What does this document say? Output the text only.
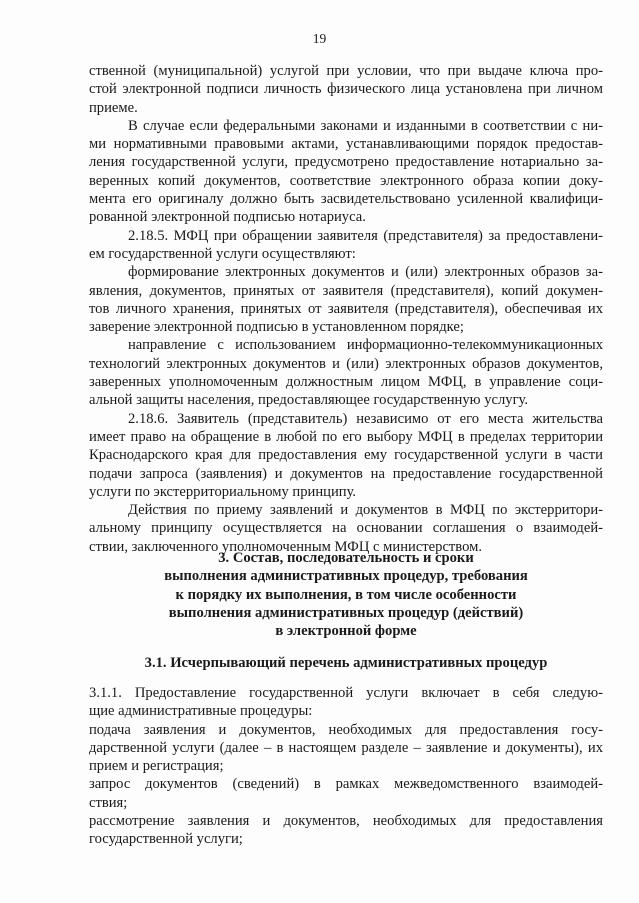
19

ственной (муниципальной) услугой при условии, что при выдаче ключа про-

стой электронной подписи личность физического лица установлена при личном

приеме.

В случае если федеральными законами и изданными в соответствии с ни-

ми нормативными правовыми актами, устанавливающими порядок предостав-

ления государственной услуги, предусмотрено предоставление нотариально за-

веренных копий документов, соответствие электронного образа копии доку-

мента его оригиналу должно быть засвидетельствовано усиленной квалифици-

рованной электронной подписью нотариуса.

2.18.5. МФЦ при обращении заявителя (представителя) за предоставлени-

ем государственной услуги осуществляют:

формирование электронных документов и (или) электронных образов за-

явления, документов, принятых от заявителя (представителя), копий докумен-

тов личного хранения, принятых от заявителя (представителя), обеспечивая их

заверение электронной подписью в установленном порядке;

направление с использованием информационно-телекоммуникационных

технологий электронных документов и (или) электронных образов документов,

заверенных уполномоченным должностным лицом МФЦ, в управление соци-

альной защиты населения, предоставляющее государственную услугу.

2.18.6. Заявитель (представитель) независимо от его места жительства

имеет право на обращение в любой по его выбору МФЦ в пределах территории

Краснодарского края для предоставления ему государственной услуги в части

подачи запроса (заявления) и документов на предоставление государственной

услуги по экстерриториальному принципу.

Действия по приему заявлений и документов в МФЦ по экстерритори-

альному принципу осуществляется на основании соглашения о взаимодей-

ствии, заключенного уполномоченным МФЦ с министерством.

3. Состав, последовательность и сроки
выполнения административных процедур, требования
к порядку их выполнения, в том числе особенности
выполнения административных процедур (действий)
в электронной форме
3.1. Исчерпывающий перечень административных процедур

3.1.1. Предоставление государственной услуги включает в себя следую-

щие административные процедуры:

подача заявления и документов, необходимых для предоставления госу-

дарственной услуги (далее – в настоящем разделе – заявление и документы), их

прием и регистрация;

запрос документов (сведений) в рамках межведомственного взаимодей-

ствия;

рассмотрение заявления и документов, необходимых для предоставления

государственной услуги;
